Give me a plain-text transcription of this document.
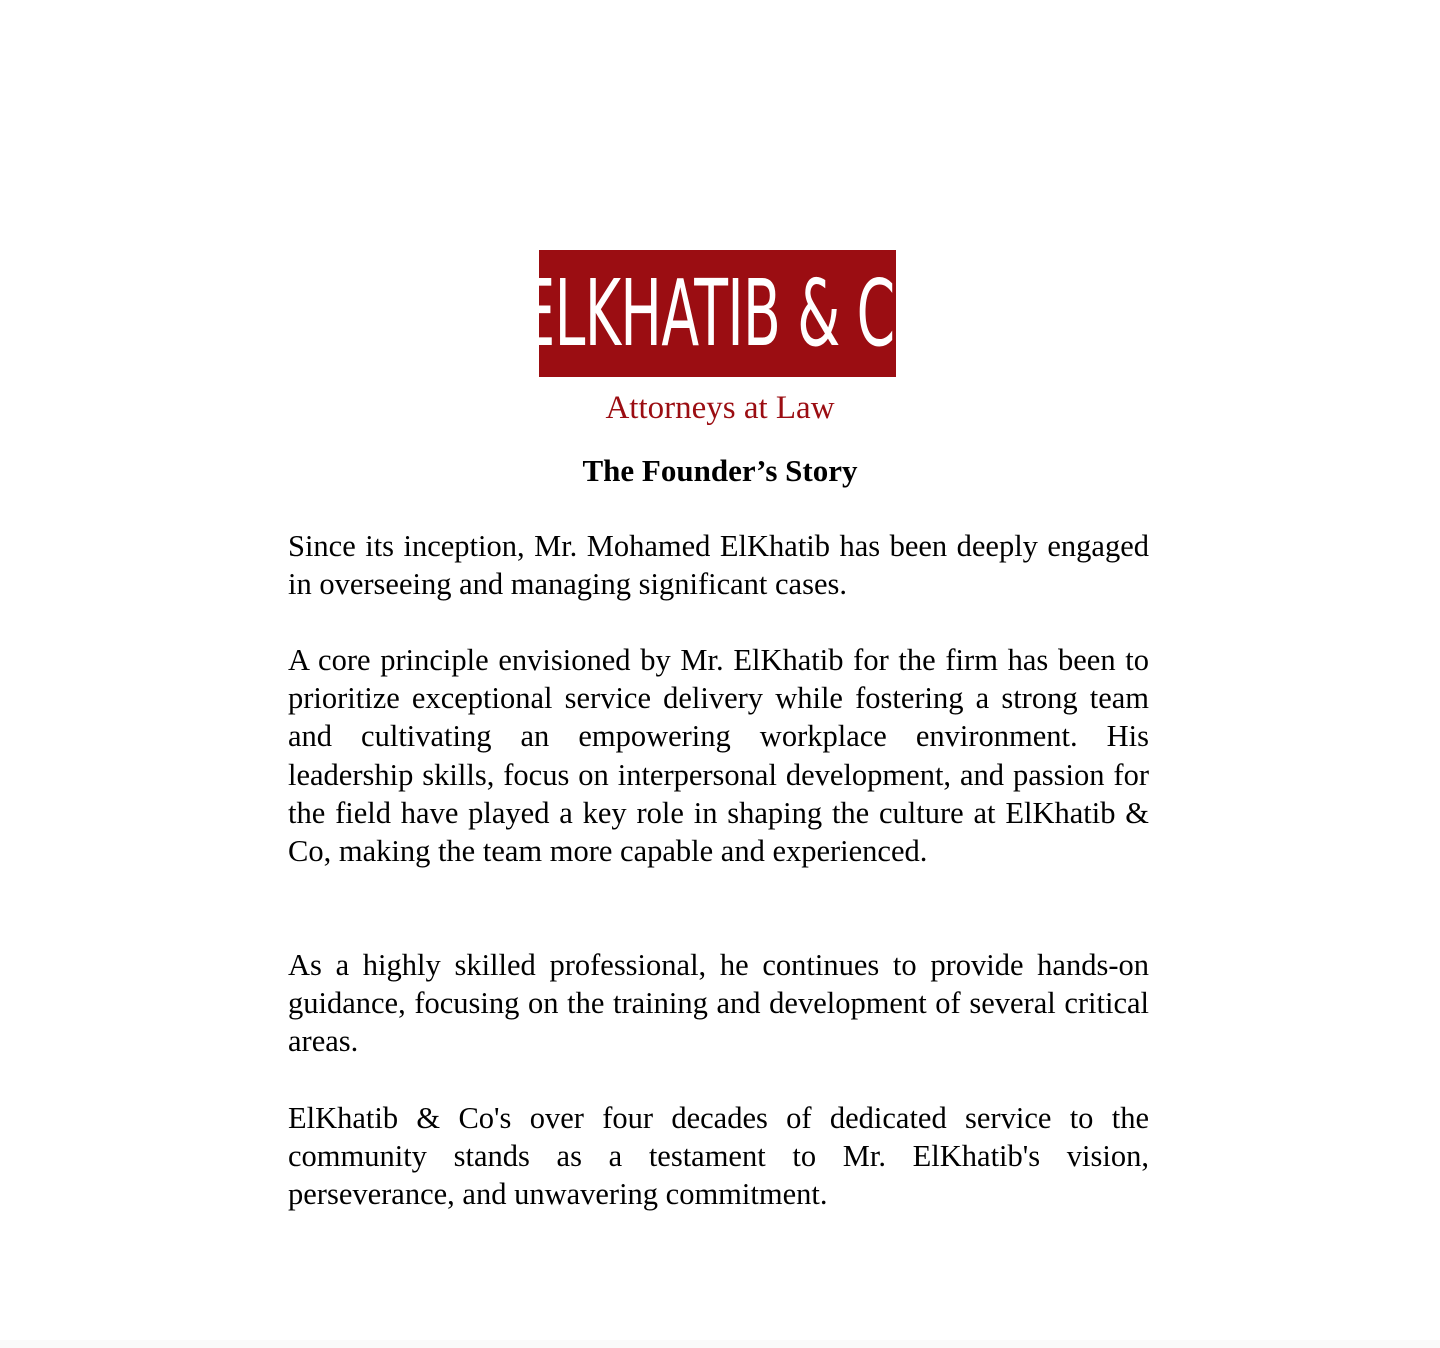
ELKHATIB & CO
Attorneys at Law
The Founder’s Story

Since its inception, Mr. Mohamed ElKhatib has been deeply engaged in overseeing and managing significant cases.

A core principle envisioned by Mr. ElKhatib for the firm has been to prioritize exceptional service delivery while fostering a strong team and cultivating an empowering workplace environment. His leadership skills, focus on interpersonal development, and passion for the field have played a key role in shaping the culture at ElKhatib & Co, making the team more capable and experienced.

As a highly skilled professional, he continues to provide hands-on guidance, focusing on the training and development of several critical areas.

ElKhatib & Co's over four decades of dedicated service to the community stands as a testament to Mr. ElKhatib's vision, perseverance, and unwavering commitment.
